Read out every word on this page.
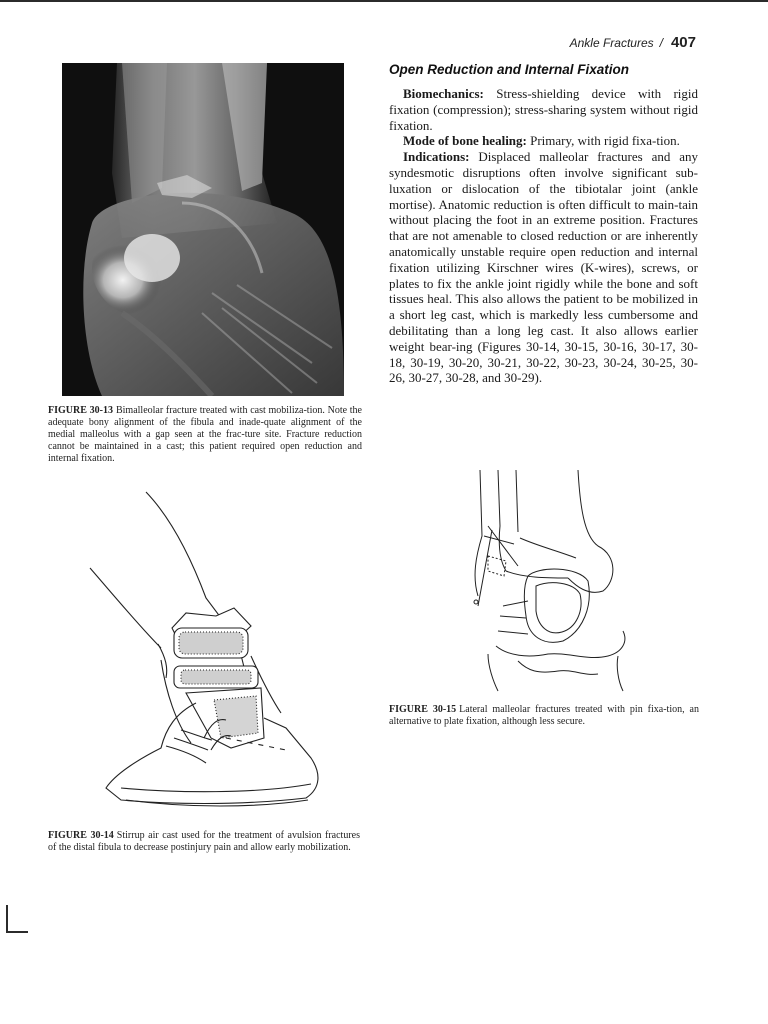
Ankle Fractures / 407
FIGURE 30-13 Bimalleolar fracture treated with cast mobiliza-tion. Note the adequate bony alignment of the fibula and inade-quate alignment of the medial malleolus with a gap seen at the frac-ture site. Fracture reduction cannot be maintained in a cast; this patient required open reduction and internal fixation.
Open Reduction and Internal Fixation

Biomechanics: Stress-shielding device with rigid fixation (compression); stress-sharing system without rigid fixation.

Mode of bone healing: Primary, with rigid fixa-tion.

Indications: Displaced malleolar fractures and any syndesmotic disruptions often involve significant sub-luxation or dislocation of the tibiotalar joint (ankle mortise). Anatomic reduction is often difficult to main-tain without placing the foot in an extreme position. Fractures that are not amenable to closed reduction or are inherently anatomically unstable require open reduction and internal fixation utilizing Kirschner wires (K-wires), screws, or plates to fix the ankle joint rigidly while the bone and soft tissues heal. This also allows the patient to be mobilized in a short leg cast, which is markedly less cumbersome and debilitating than a long leg cast. It also allows earlier weight bear-ing (Figures 30-14, 30-15, 30-16, 30-17, 30-18, 30-19, 30-20, 30-21, 30-22, 30-23, 30-24, 30-25, 30-26, 30-27, 30-28, and 30-29).

FIGURE 30-14 Stirrup air cast used for the treatment of avulsion fractures of the distal fibula to decrease postinjury pain and allow early mobilization.
FIGURE 30-15 Lateral malleolar fractures treated with pin fixa-tion, an alternative to plate fixation, although less secure.
